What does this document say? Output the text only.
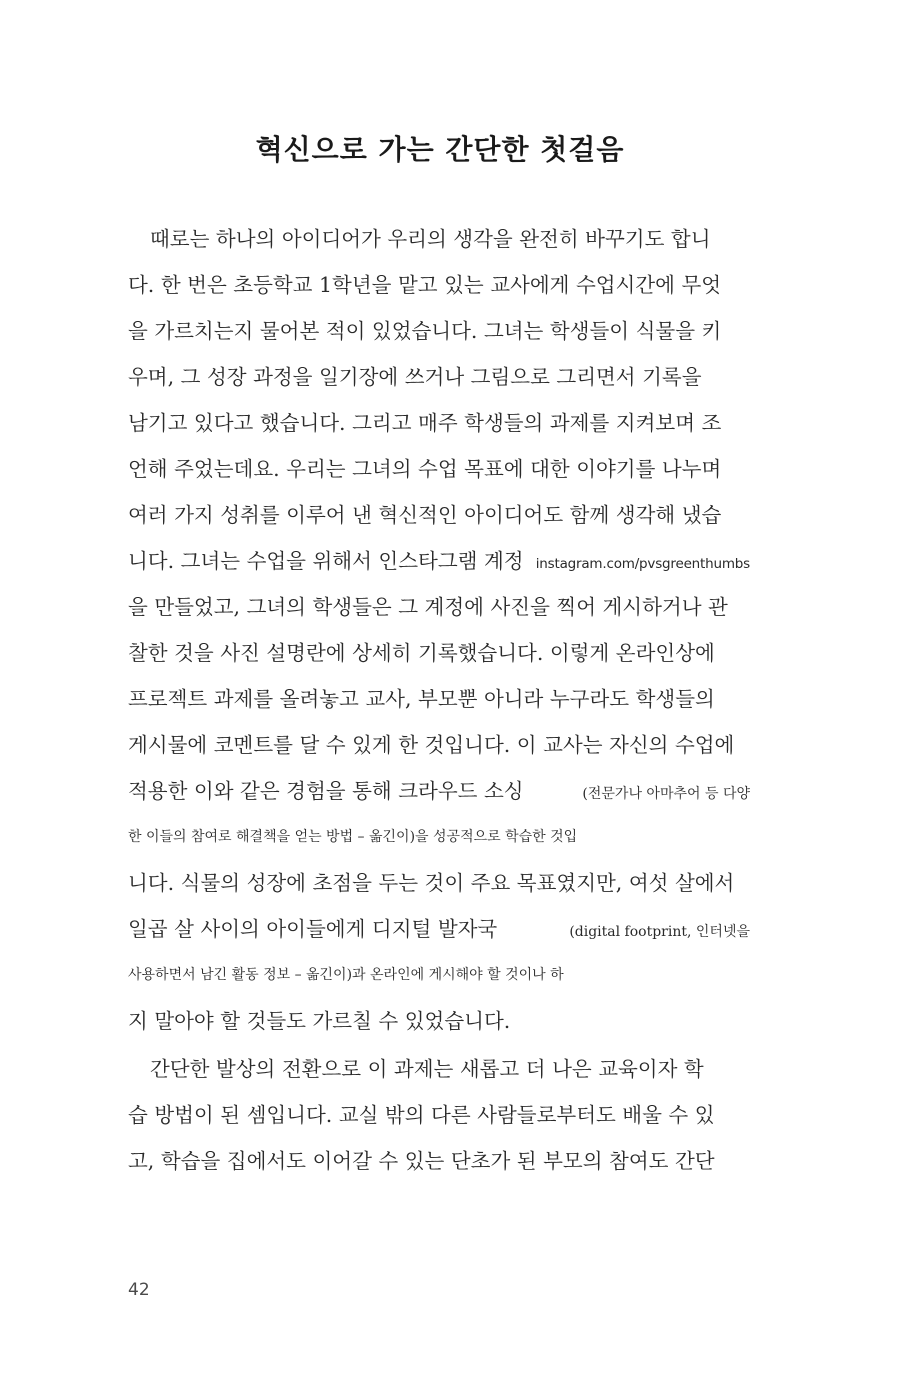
혁신으로 가는 간단한 첫걸음
때로는 하나의 아이디어가 우리의 생각을 완전히 바꾸기도 합니
다. 한 번은 초등학교 1학년을 맡고 있는 교사에게 수업시간에 무엇
을 가르치는지 물어본 적이 있었습니다. 그녀는 학생들이 식물을 키
우며, 그 성장 과정을 일기장에 쓰거나 그림으로 그리면서 기록을
남기고 있다고 했습니다. 그리고 매주 학생들의 과제를 지켜보며 조
언해 주었는데요. 우리는 그녀의 수업 목표에 대한 이야기를 나누며
여러 가지 성취를 이루어 낸 혁신적인 아이디어도 함께 생각해 냈습
니다. 그녀는 수업을 위해서 인스타그램 계정 instagram.com/pvsgreenthumbs
을 만들었고, 그녀의 학생들은 그 계정에 사진을 찍어 게시하거나 관
찰한 것을 사진 설명란에 상세히 기록했습니다. 이렇게 온라인상에
프로젝트 과제를 올려놓고 교사, 부모뿐 아니라 누구라도 학생들의
게시물에 코멘트를 달 수 있게 한 것입니다. 이 교사는 자신의 수업에
적용한 이와 같은 경험을 통해 크라우드 소싱	(전문가나 아마추어 등 다양
한 이들의 참여로 해결책을 얻는 방법 – 옮긴이)을 성공적으로 학습한 것입
니다. 식물의 성장에 초점을 두는 것이 주요 목표였지만, 여섯 살에서
일곱 살 사이의 아이들에게 디지털 발자국	(digital footprint, 인터넷을
사용하면서 남긴 활동 정보 – 옮긴이)과 온라인에 게시해야 할 것이나 하
지 말아야 할 것들도 가르칠 수 있었습니다.
간단한 발상의 전환으로 이 과제는 새롭고 더 나은 교육이자 학
습 방법이 된 셈입니다. 교실 밖의 다른 사람들로부터도 배울 수 있
고, 학습을 집에서도 이어갈 수 있는 단초가 된 부모의 참여도 간단
42
